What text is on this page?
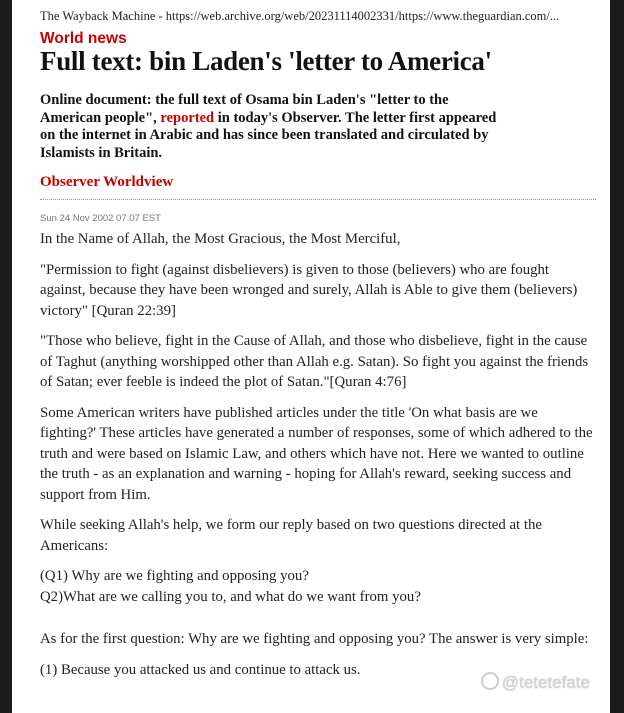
The Wayback Machine - https://web.archive.org/web/20231114002331/https://www.theguardian.com/...
World news
Full text: bin Laden's 'letter to America'
Online document: the full text of Osama bin Laden's "letter to the American people", reported in today's Observer. The letter first appeared on the internet in Arabic and has since been translated and circulated by Islamists in Britain.
Observer Worldview
Sun 24 Nov 2002 07.07 EST

In the Name of Allah, the Most Gracious, the Most Merciful,

"Permission to fight (against disbelievers) is given to those (believers) who are fought against, because they have been wronged and surely, Allah is Able to give them (believers) victory" [Quran 22:39]

"Those who believe, fight in the Cause of Allah, and those who disbelieve, fight in the cause of Taghut (anything worshipped other than Allah e.g. Satan). So fight you against the friends of Satan; ever feeble is indeed the plot of Satan."[Quran 4:76]

Some American writers have published articles under the title 'On what basis are we fighting?' These articles have generated a number of responses, some of which adhered to the truth and were based on Islamic Law, and others which have not. Here we wanted to outline the truth - as an explanation and warning - hoping for Allah's reward, seeking success and support from Him.

While seeking Allah's help, we form our reply based on two questions directed at the Americans:

(Q1) Why are we fighting and opposing you?

Q2)What are we calling you to, and what do we want from you?

As for the first question: Why are we fighting and opposing you? The answer is very simple:

(1) Because you attacked us and continue to attack us.

@tetetefate
